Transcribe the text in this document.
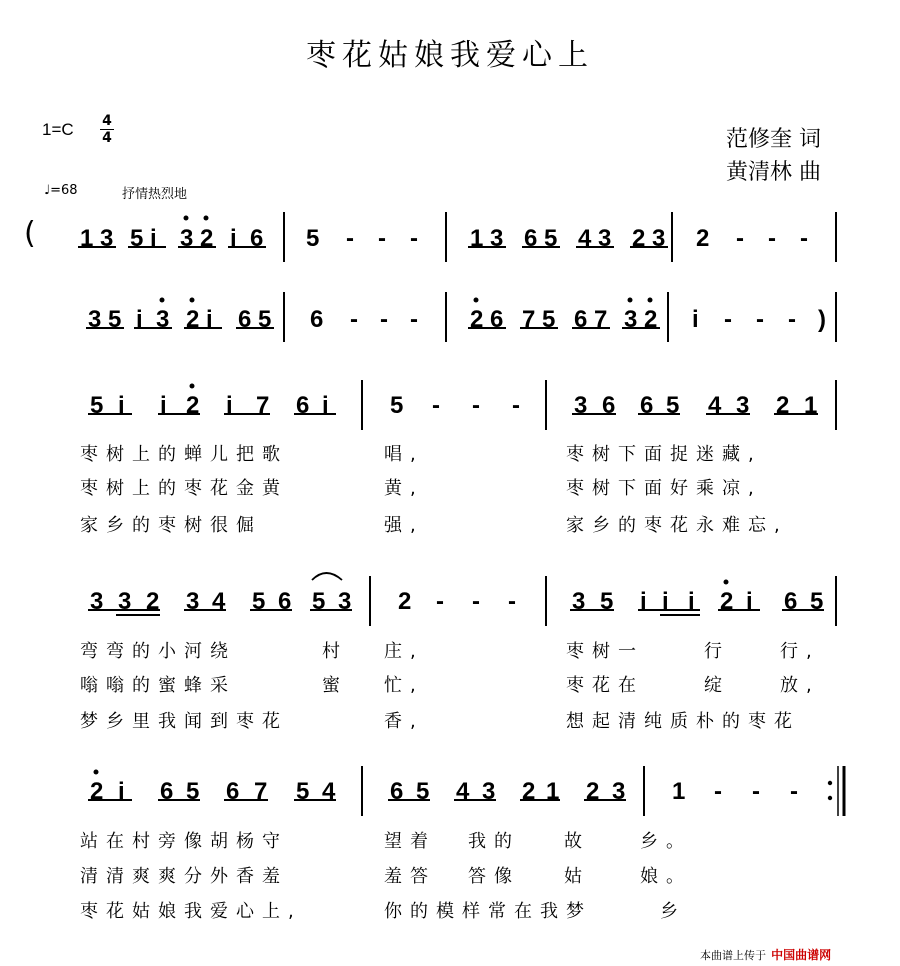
枣花姑娘我爱心上
范修奎 词
黄清林 曲
1=C 4
4
♩=68	抒情热烈地
( 1 3 5 i 3 2 i 6 5 - - - 1 3 6 5 4 3 2 3 2 - - -
3 5 i 3 2 i 6 5 6 - - - 2 6 7 5 6 7 3 2 i - - - )
5 i i 2 i 7 6 i	5 - - - 3 6 6 5 4 3 2 1
3 3 2 3 4 5 6 5 3 2 - - - 3 5 i i i 2 i 6 5
2 i 6 5 6 7 5 4 6 5 4 3 2 1 2 3 1 - - -
枣树上的蝉儿把歌	唱,	枣树下面捉迷藏,
枣树上的枣花金黄	黄,	枣树下面好乘凉,
家乡的枣树很倔	强,	家乡的枣花永难忘,
弯弯的小河绕	村 庄,	枣树一	行	行,
嗡嗡的蜜蜂采	蜜 忙,	枣花在	绽	放,
梦乡里我闻到枣花	香,	想起清纯质朴的枣花
站在村旁像胡杨守	望着 我的 故	乡。
清清爽爽分外香羞	羞答 答像 姑	娘。
枣花姑娘我爱心上,	你的模样常在我梦	乡
本曲谱上传于 中国曲谱网
